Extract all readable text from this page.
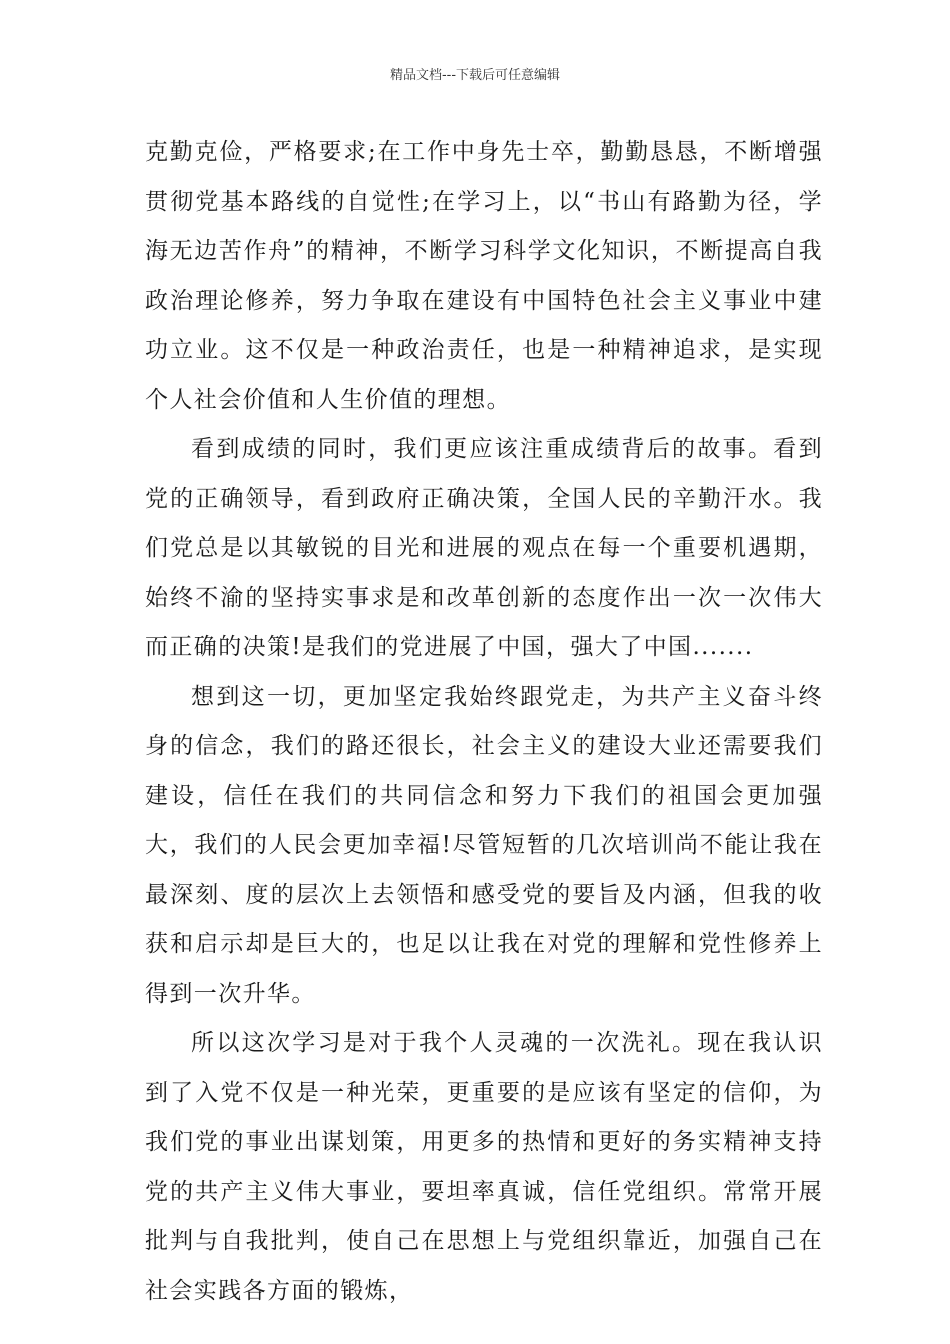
精品文档---下载后可任意编辑

克勤克俭，严格要求;在工作中身先士卒，勤勤恳恳，不断增强贯彻党基本路线的自觉性;在学习上，以“书山有路勤为径，学海无边苦作舟”的精神，不断学习科学文化知识，不断提高自我政治理论修养，努力争取在建设有中国特色社会主义事业中建功立业。这不仅是一种政治责任，也是一种精神追求，是实现个人社会价值和人生价值的理想。

看到成绩的同时，我们更应该注重成绩背后的故事。看到党的正确领导，看到政府正确决策，全国人民的辛勤汗水。我们党总是以其敏锐的目光和进展的观点在每一个重要机遇期，始终不渝的坚持实事求是和改革创新的态度作出一次一次伟大而正确的决策!是我们的党进展了中国，强大了中国.......

想到这一切，更加坚定我始终跟党走，为共产主义奋斗终身的信念，我们的路还很长，社会主义的建设大业还需要我们建设，信任在我们的共同信念和努力下我们的祖国会更加强大，我们的人民会更加幸福!尽管短暂的几次培训尚不能让我在最深刻、度的层次上去领悟和感受党的要旨及内涵，但我的收获和启示却是巨大的，也足以让我在对党的理解和党性修养上得到一次升华。

所以这次学习是对于我个人灵魂的一次洗礼。现在我认识到了入党不仅是一种光荣，更重要的是应该有坚定的信仰，为我们党的事业出谋划策，用更多的热情和更好的务实精神支持党的共产主义伟大事业，要坦率真诚，信任党组织。常常开展批判与自我批判，使自己在思想上与党组织靠近，加强自己在社会实践各方面的锻炼，
